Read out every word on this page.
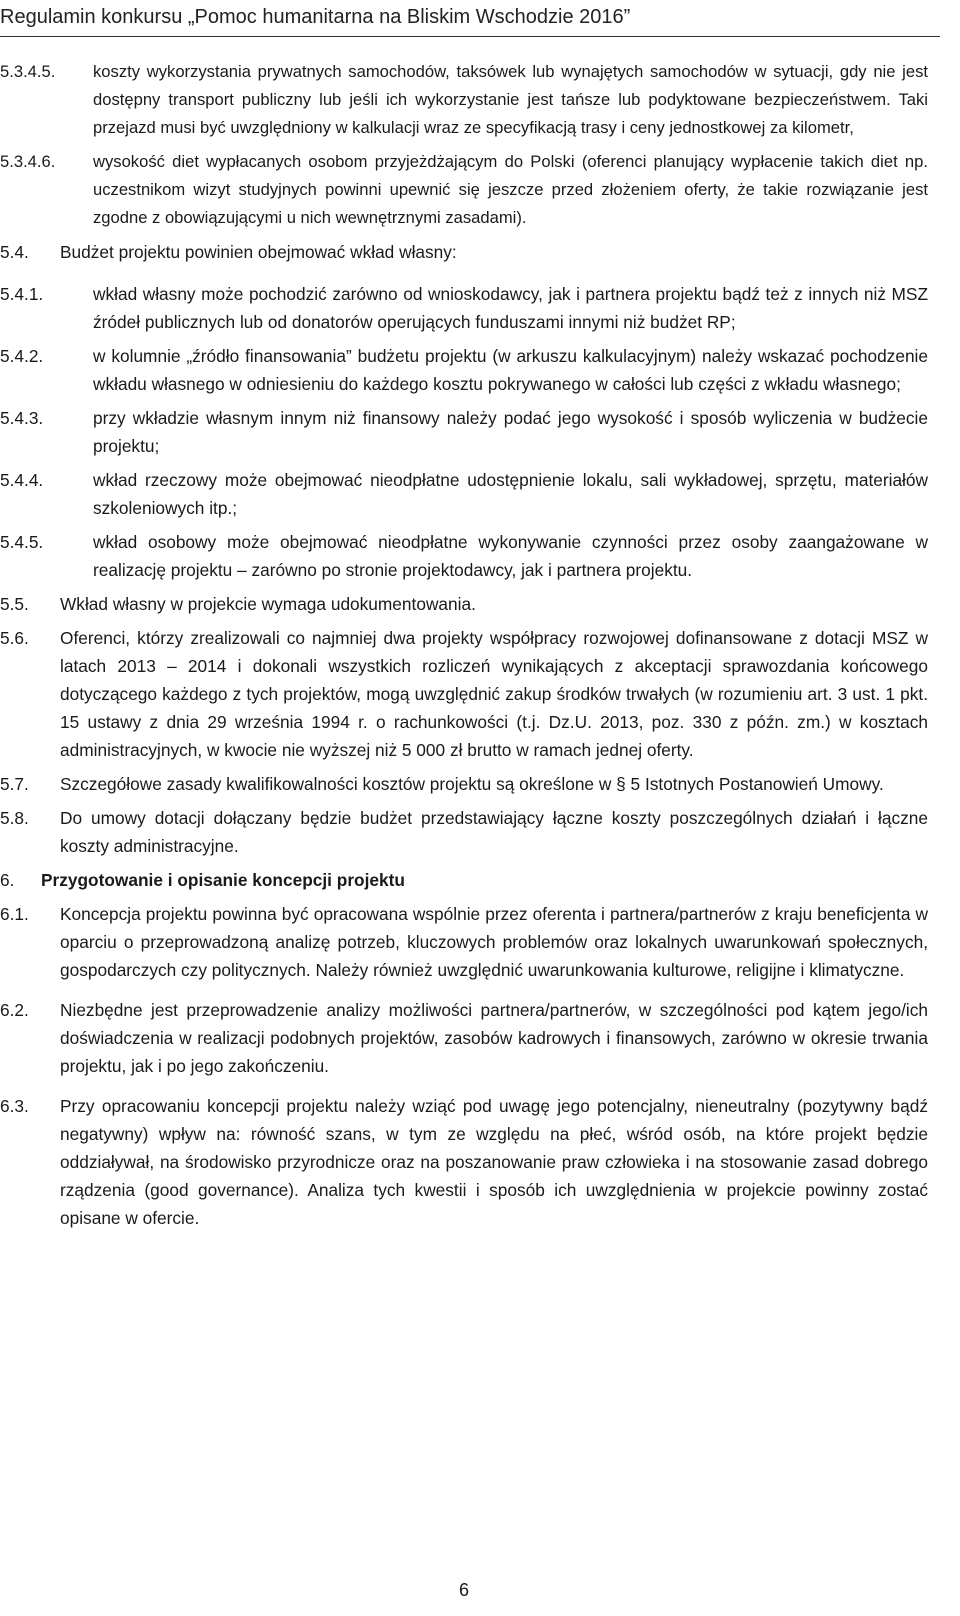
Regulamin konkursu „Pomoc humanitarna na Bliskim Wschodzie 2016”
5.3.4.5.	koszty wykorzystania prywatnych samochodów, taksówek lub wynajętych samochodów w sytuacji, gdy nie jest dostępny transport publiczny lub jeśli ich wykorzystanie jest tańsze lub podyktowane bezpieczeństwem. Taki przejazd musi być uwzględniony w kalkulacji wraz ze specyfikacją trasy i ceny jednostkowej za kilometr,
5.3.4.6.	wysokość diet wypłacanych osobom przyjeżdżającym do Polski (oferenci planujący wypłacenie takich diet np. uczestnikom wizyt studyjnych powinni upewnić się jeszcze przed złożeniem oferty, że takie rozwiązanie jest zgodne z obowiązującymi u nich wewnętrznymi zasadami).
5.4.	Budżet projektu powinien obejmować wkład własny:
5.4.1.	wkład własny może pochodzić zarówno od wnioskodawcy, jak i partnera projektu bądź też z innych niż MSZ źródeł publicznych lub od donatorów operujących funduszami innymi niż budżet RP;
5.4.2.	w kolumnie „źródło finansowania” budżetu projektu (w arkuszu kalkulacyjnym) należy wskazać pochodzenie wkładu własnego w odniesieniu do każdego kosztu pokrywanego w całości lub części z wkładu własnego;
5.4.3.	przy wkładzie własnym innym niż finansowy należy podać jego wysokość i sposób wyliczenia w budżecie projektu;
5.4.4.	wkład rzeczowy może obejmować nieodpłatne udostępnienie lokalu, sali wykładowej, sprzętu, materiałów szkoleniowych itp.;
5.4.5.	wkład osobowy może obejmować nieodpłatne wykonywanie czynności przez osoby zaangażowane w realizację projektu – zarówno po stronie projektodawcy, jak i partnera projektu.
5.5.	Wkład własny w projekcie wymaga udokumentowania.
5.6.	Oferenci, którzy zrealizowali co najmniej dwa projekty współpracy rozwojowej dofinansowane z dotacji MSZ w latach 2013 – 2014 i dokonali wszystkich rozliczeń wynikających z akceptacji sprawozdania końcowego dotyczącego każdego z tych projektów, mogą uwzględnić zakup środków trwałych (w rozumieniu art. 3 ust. 1 pkt. 15 ustawy z dnia 29 września 1994 r. o rachunkowości (t.j. Dz.U. 2013, poz. 330 z późn. zm.) w kosztach administracyjnych, w kwocie nie wyższej niż 5 000 zł brutto w ramach jednej oferty.
5.7.	Szczegółowe zasady kwalifikowalności kosztów projektu są określone w § 5 Istotnych Postanowień Umowy.
5.8.	Do umowy dotacji dołączany będzie budżet przedstawiający łączne koszty poszczególnych działań i łączne koszty administracyjne.
6.	Przygotowanie i opisanie koncepcji projektu
6.1.	Koncepcja projektu powinna być opracowana wspólnie przez oferenta i partnera/partnerów z kraju beneficjenta w oparciu o przeprowadzoną analizę potrzeb, kluczowych problemów oraz lokalnych uwarunkowań społecznych, gospodarczych czy politycznych. Należy również uwzględnić uwarunkowania kulturowe, religijne i klimatyczne.
6.2.	Niezbędne jest przeprowadzenie analizy możliwości partnera/partnerów, w szczególności pod kątem jego/ich doświadczenia w realizacji podobnych projektów, zasobów kadrowych i finansowych, zarówno w okresie trwania projektu, jak i po jego zakończeniu.
6.3.	Przy opracowaniu koncepcji projektu należy wziąć pod uwagę jego potencjalny, nieneutralny (pozytywny bądź negatywny) wpływ na: równość szans, w tym ze względu na płeć, wśród osób, na które projekt będzie oddziaływał, na środowisko przyrodnicze oraz na poszanowanie praw człowieka i na stosowanie zasad dobrego rządzenia (good governance). Analiza tych kwestii i sposób ich uwzględnienia w projekcie powinny zostać opisane w ofercie.
6
